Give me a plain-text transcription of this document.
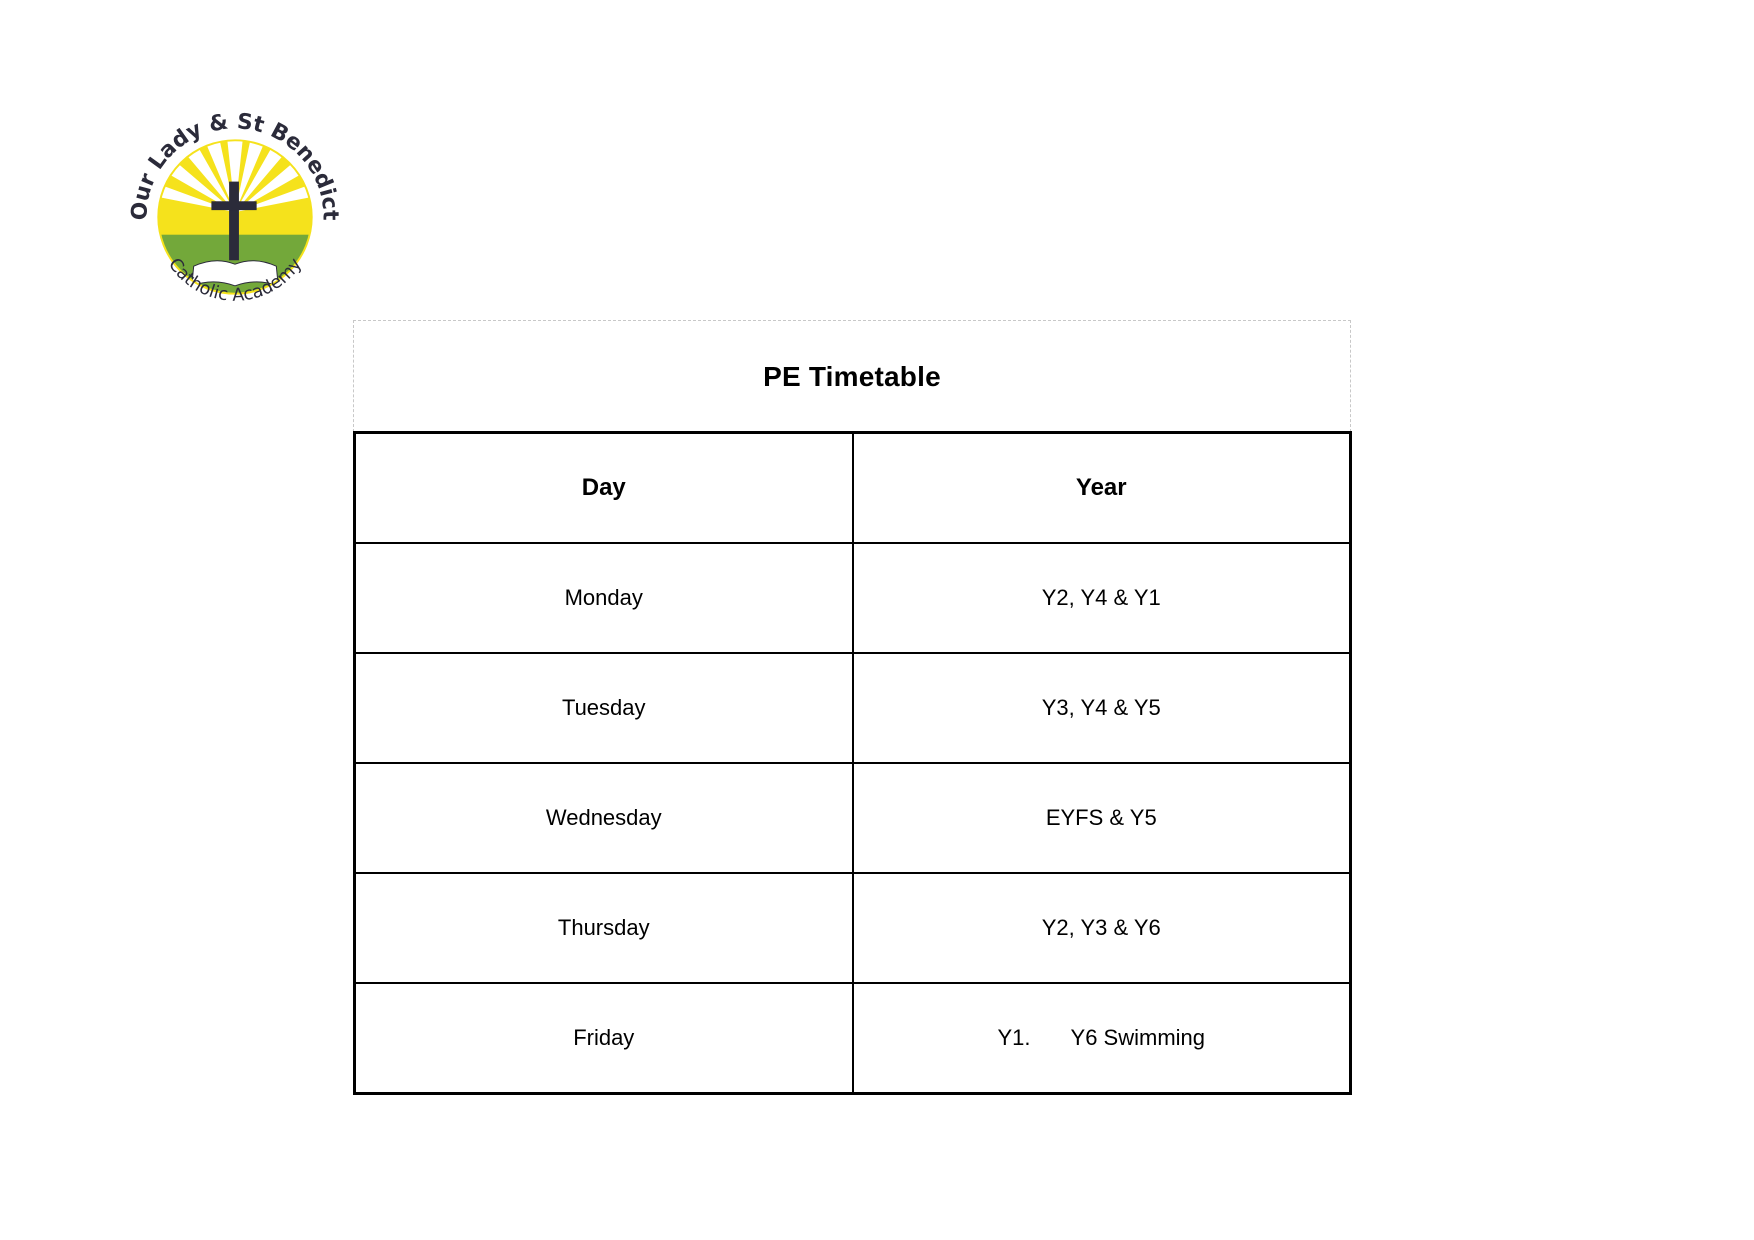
Our Lady & St Benedict
Catholic Academy
PE Timetable
Day	Year
Monday	Y2, Y4 & Y1
Tuesday	Y3, Y4 & Y5
Wednesday	EYFS & Y5
Thursday	Y2, Y3 & Y6
Friday	Y1. Y6 Swimming
